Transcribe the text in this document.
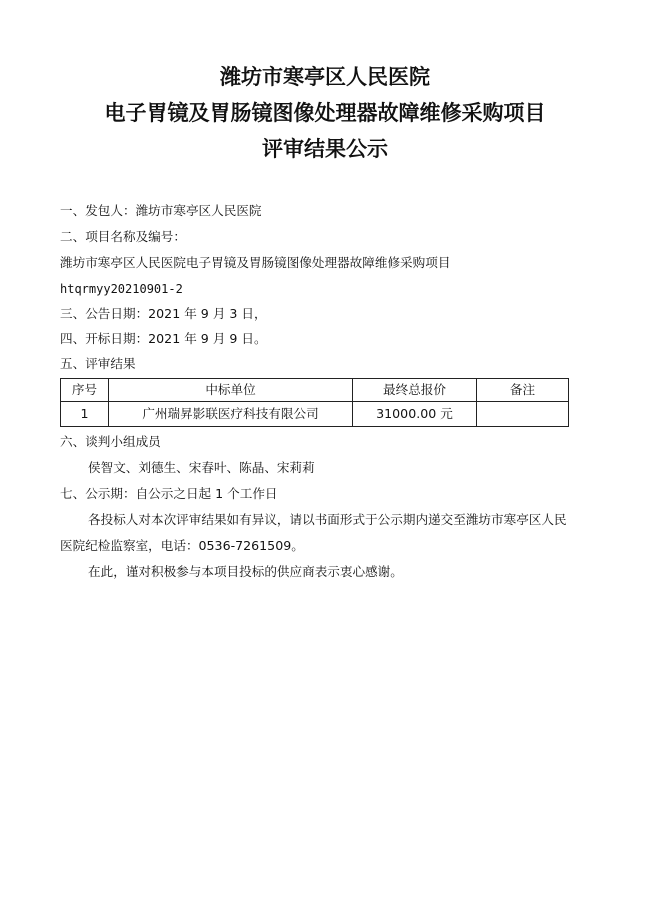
潍坊市寒亭区人民医院
电子胃镜及胃肠镜图像处理器故障维修采购项目
评审结果公示
一、发包人：潍坊市寒亭区人民医院
二、项目名称及编号：
潍坊市寒亭区人民医院电子胃镜及胃肠镜图像处理器故障维修采购项目
htqrmyy20210901-2
三、公告日期：2021 年 9 月 3 日，
四、开标日期：2021 年 9 月 9 日。
五、评审结果
序号	中标单位	最终总报价	备注
1	广州瑞昇影联医疗科技有限公司	31000.00 元	
六、谈判小组成员
侯智文、刘德生、宋春叶、陈晶、宋莉莉
七、公示期：自公示之日起 1 个工作日
各投标人对本次评审结果如有异议，请以书面形式于公示期内递交至潍坊市寒亭区人民
医院纪检监察室，电话：0536-7261509。
在此，谨对积极参与本项目投标的供应商表示衷心感谢。
